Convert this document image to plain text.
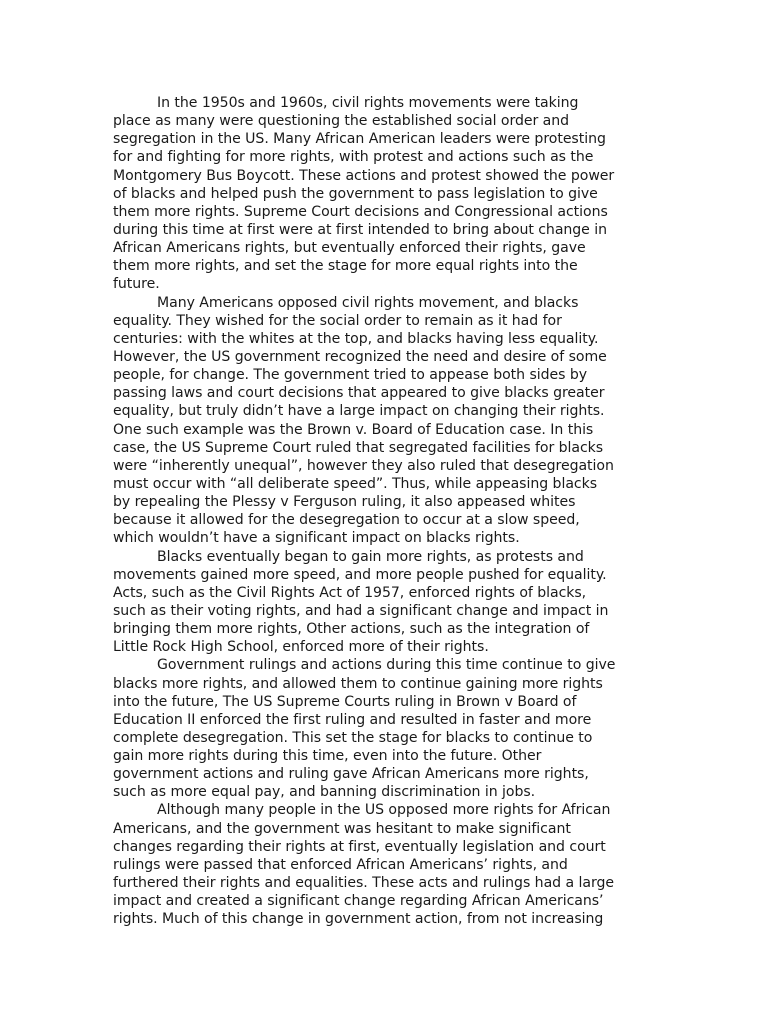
In the 1950s and 1960s, civil rights movements were taking
place as many were questioning the established social order and
segregation in the US. Many African American leaders were protesting
for and fighting for more rights, with protest and actions such as the
Montgomery Bus Boycott. These actions and protest showed the power
of blacks and helped push the government to pass legislation to give
them more rights. Supreme Court decisions and Congressional actions
during this time at first were at first intended to bring about change in
African Americans rights, but eventually enforced their rights, gave
them more rights, and set the stage for more equal rights into the
future.
Many Americans opposed civil rights movement, and blacks
equality. They wished for the social order to remain as it had for
centuries: with the whites at the top, and blacks having less equality.
However, the US government recognized the need and desire of some
people, for change. The government tried to appease both sides by
passing laws and court decisions that appeared to give blacks greater
equality, but truly didn’t have a large impact on changing their rights.
One such example was the Brown v. Board of Education case. In this
case, the US Supreme Court ruled that segregated facilities for blacks
were “inherently unequal”, however they also ruled that desegregation
must occur with “all deliberate speed”. Thus, while appeasing blacks
by repealing the Plessy v Ferguson ruling, it also appeased whites
because it allowed for the desegregation to occur at a slow speed,
which wouldn’t have a significant impact on blacks rights.
Blacks eventually began to gain more rights, as protests and
movements gained more speed, and more people pushed for equality.
Acts, such as the Civil Rights Act of 1957, enforced rights of blacks,
such as their voting rights, and had a significant change and impact in
bringing them more rights, Other actions, such as the integration of
Little Rock High School, enforced more of their rights.
Government rulings and actions during this time continue to give
blacks more rights, and allowed them to continue gaining more rights
into the future, The US Supreme Courts ruling in Brown v Board of
Education II enforced the first ruling and resulted in faster and more
complete desegregation. This set the stage for blacks to continue to
gain more rights during this time, even into the future. Other
government actions and ruling gave African Americans more rights,
such as more equal pay, and banning discrimination in jobs.
Although many people in the US opposed more rights for African
Americans, and the government was hesitant to make significant
changes regarding their rights at first, eventually legislation and court
rulings were passed that enforced African Americans’ rights, and
furthered their rights and equalities. These acts and rulings had a large
impact and created a significant change regarding African Americans’
rights. Much of this change in government action, from not increasing
